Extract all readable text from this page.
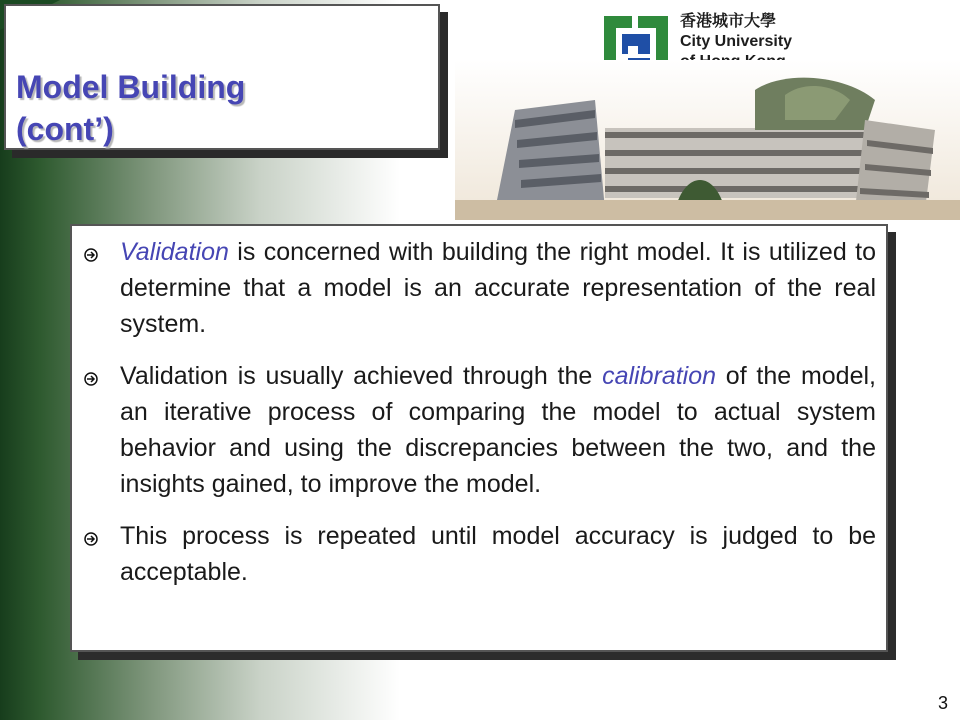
Model Building
(cont’)
香港城市大學
City University
Validation is concerned with building the right model. It is utilized to determine that a model is an accurate representation of the real system.
Validation is usually achieved through the calibration of the model, an iterative process of comparing the model to actual system behavior and using the discrepancies between the two, and the insights gained, to improve the model.
This process is repeated until model accuracy is judged to be acceptable.
3
